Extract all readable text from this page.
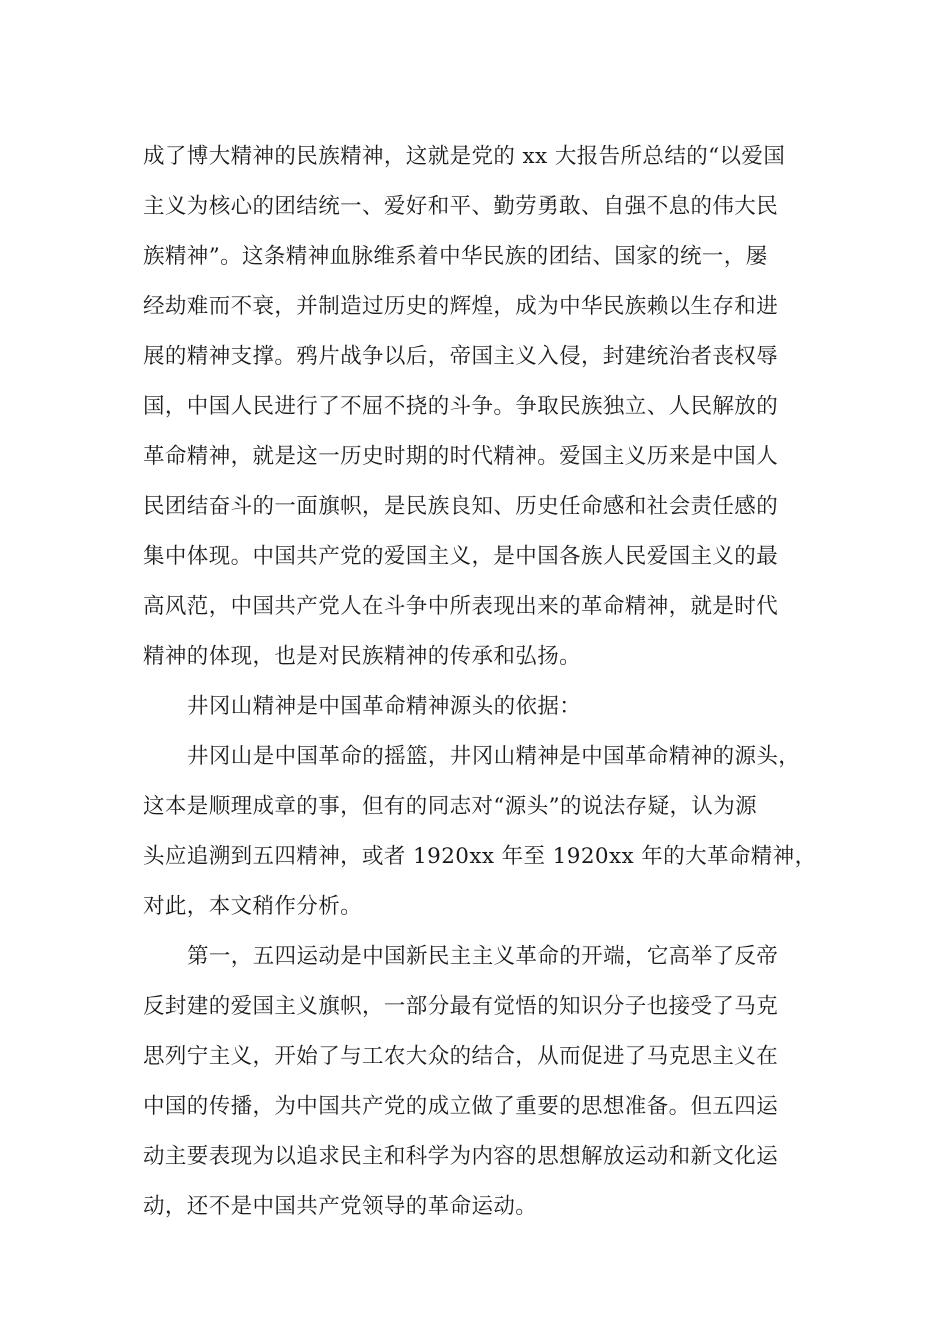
成了博大精神的民族精神，这就是党的 xx 大报告所总结的“以爱国
主义为核心的团结统一、爱好和平、勤劳勇敢、自强不息的伟大民
族精神”。这条精神血脉维系着中华民族的团结、国家的统一，屡
经劫难而不衰，并制造过历史的辉煌，成为中华民族赖以生存和进
展的精神支撑。鸦片战争以后，帝国主义入侵，封建统治者丧权辱
国，中国人民进行了不屈不挠的斗争。争取民族独立、人民解放的
革命精神，就是这一历史时期的时代精神。爱国主义历来是中国人
民团结奋斗的一面旗帜，是民族良知、历史任命感和社会责任感的
集中体现。中国共产党的爱国主义，是中国各族人民爱国主义的最
高风范，中国共产党人在斗争中所表现出来的革命精神，就是时代
精神的体现，也是对民族精神的传承和弘扬。
井冈山精神是中国革命精神源头的依据：
井冈山是中国革命的摇篮，井冈山精神是中国革命精神的源头，
这本是顺理成章的事，但有的同志对“源头”的说法存疑，认为源
头应追溯到五四精神，或者 1920xx 年至 1920xx 年的大革命精神，
对此，本文稍作分析。
第一，五四运动是中国新民主主义革命的开端，它高举了反帝
反封建的爱国主义旗帜，一部分最有觉悟的知识分子也接受了马克
思列宁主义，开始了与工农大众的结合，从而促进了马克思主义在
中国的传播，为中国共产党的成立做了重要的思想准备。但五四运
动主要表现为以追求民主和科学为内容的思想解放运动和新文化运
动，还不是中国共产党领导的革命运动。
